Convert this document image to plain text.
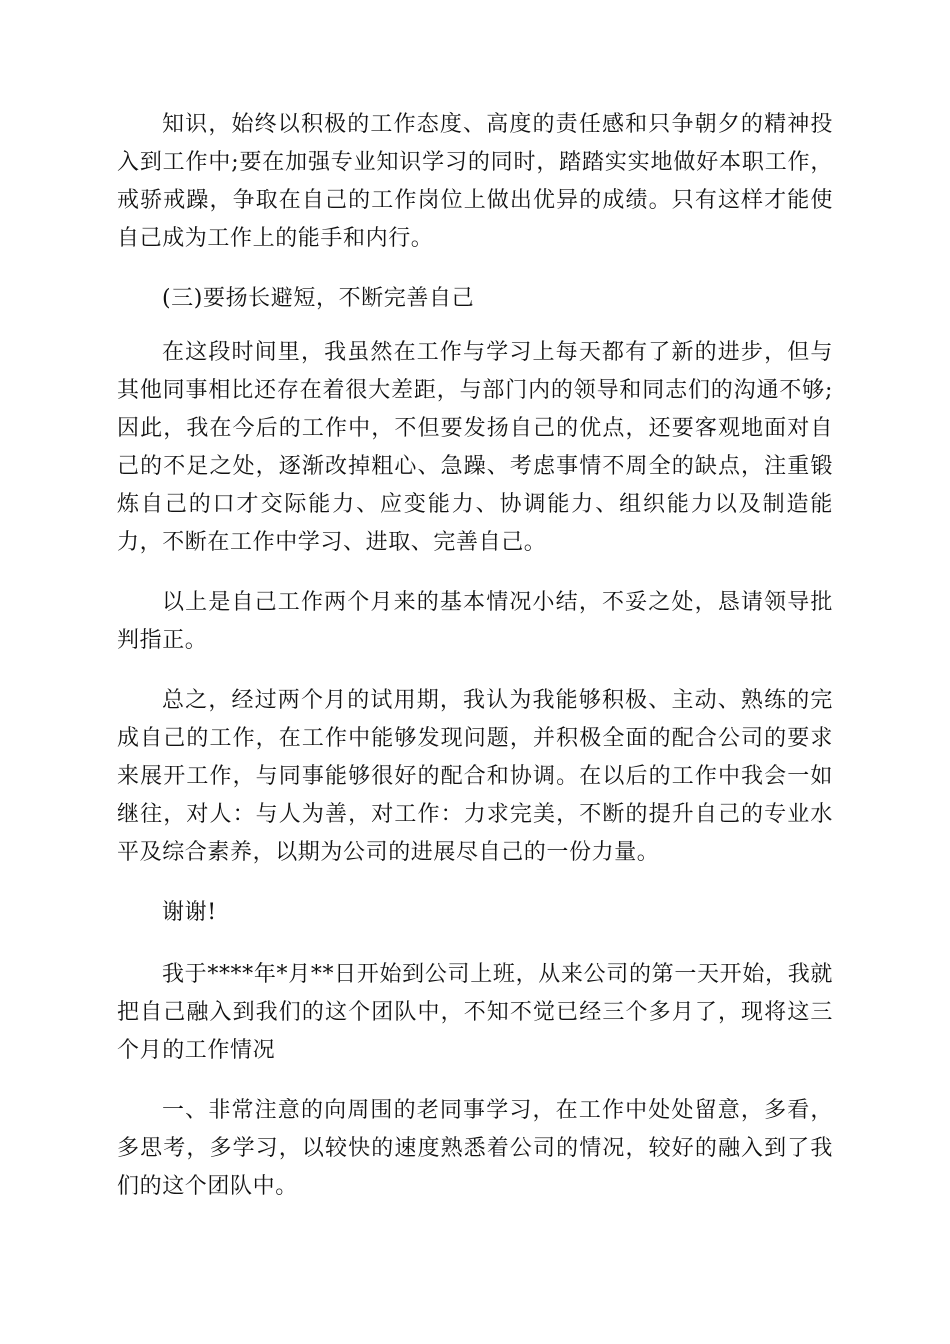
知识，始终以积极的工作态度、高度的责任感和只争朝夕的精神投入到工作中;要在加强专业知识学习的同时，踏踏实实地做好本职工作，戒骄戒躁，争取在自己的工作岗位上做出优异的成绩。只有这样才能使自己成为工作上的能手和内行。

(三)要扬长避短，不断完善自己

在这段时间里，我虽然在工作与学习上每天都有了新的进步，但与其他同事相比还存在着很大差距，与部门内的领导和同志们的沟通不够;因此，我在今后的工作中，不但要发扬自己的优点，还要客观地面对自己的不足之处，逐渐改掉粗心、急躁、考虑事情不周全的缺点，注重锻炼自己的口才交际能力、应变能力、协调能力、组织能力以及制造能力，不断在工作中学习、进取、完善自己。

以上是自己工作两个月来的基本情况小结，不妥之处，恳请领导批判指正。

总之，经过两个月的试用期，我认为我能够积极、主动、熟练的完成自己的工作，在工作中能够发现问题，并积极全面的配合公司的要求来展开工作，与同事能够很好的配合和协调。在以后的工作中我会一如继往，对人：与人为善，对工作：力求完美，不断的提升自己的专业水平及综合素养，以期为公司的进展尽自己的一份力量。

谢谢!

我于****年*月**日开始到公司上班，从来公司的第一天开始，我就把自己融入到我们的这个团队中，不知不觉已经三个多月了，现将这三个月的工作情况

一、非常注意的向周围的老同事学习，在工作中处处留意，多看，多思考，多学习，以较快的速度熟悉着公司的情况，较好的融入到了我们的这个团队中。
